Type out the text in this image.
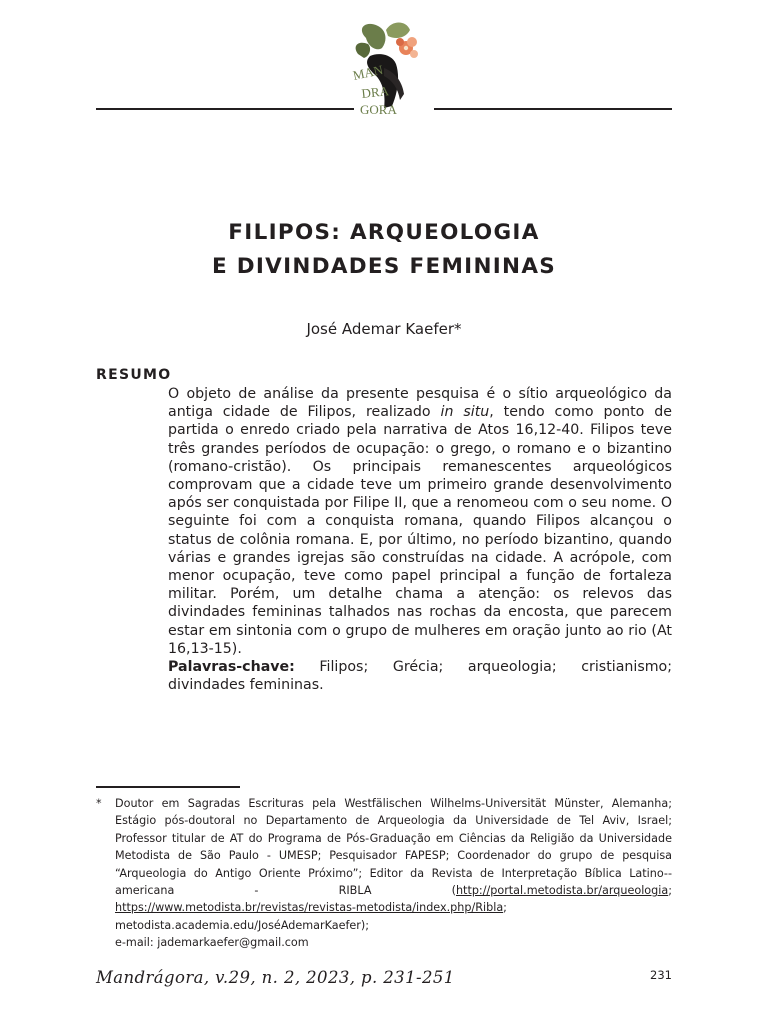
MAN
DRA
GORA
FILIPOS: ARQUEOLOGIA
E DIVINDADES FEMININAS
José Ademar Kaefer*
RESUMO
O objeto de análise da presente pesquisa é o sítio arqueológico da antiga cidade de Filipos, realizado in situ, tendo como ponto de partida o enredo criado pela narrativa de Atos 16,12-40. Filipos teve três grandes períodos de ocupação: o grego, o romano e o bizantino (romano-cristão). Os principais remanescentes arqueológicos comprovam que a cidade teve um primeiro grande desenvolvimento após ser conquistada por Filipe II, que a renomeou com o seu nome. O seguinte foi com a conquista romana, quando Filipos alcançou o status de colônia romana. E, por último, no período bizantino, quando várias e grandes igrejas são construídas na cidade. A acrópole, com menor ocupação, teve como papel principal a função de fortaleza militar. Porém, um detalhe chama a atenção: os relevos das divindades femininas talhados nas rochas da encosta, que parecem estar em sintonia com o grupo de mulheres em oração junto ao rio (At 16,13-15).
Palavras-chave: Filipos; Grécia; arqueologia; cristianismo; divindades femininas.
* Doutor em Sagradas Escrituras pela Westfälischen Wilhelms-Universität Münster, Alemanha; Estágio pós-doutoral no Departamento de Arqueologia da Universidade de Tel Aviv, Israel; Professor titular de AT do Programa de Pós-Graduação em Ciências da Religião da Universidade Metodista de São Paulo - UMESP; Pesquisador FAPESP; Coordenador do grupo de pesquisa “Arqueologia do Antigo Oriente Próximo”; Editor da Revista de Interpretação Bíblica Latino--americana - RIBLA (http://portal.metodista.br/arqueologia; https://www.metodista.br/revistas/revistas-metodista/index.php/Ribla; metodista.academia.edu/JoséAdemarKaefer);
e-mail: jademarkaefer@gmail.com
Mandrágora, v.29, n. 2, 2023, p. 231-251	231
